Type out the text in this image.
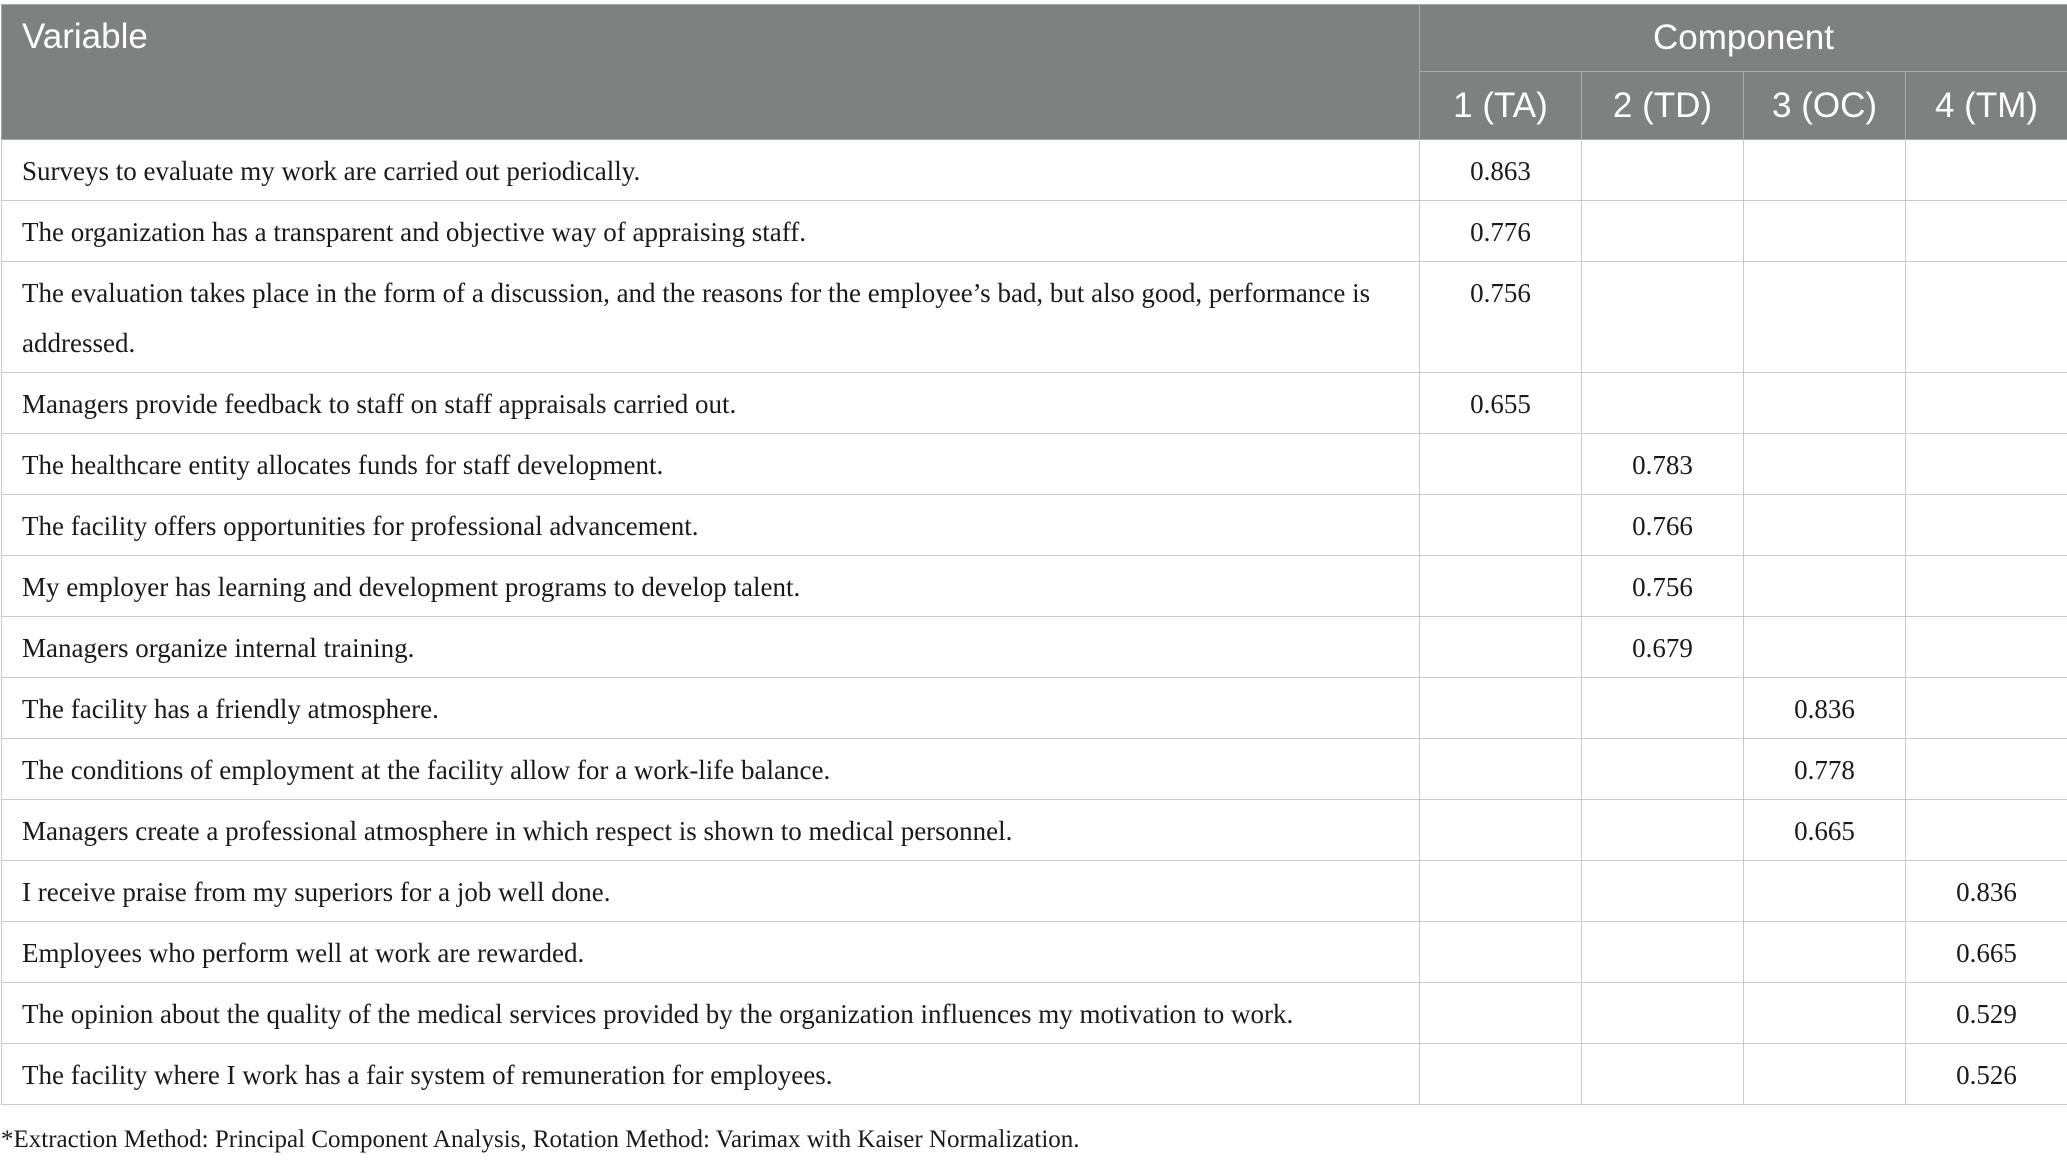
Variable	Component			
	1 (TA)	2 (TD)	3 (OC)	4 (TM)
Surveys to evaluate my work are carried out periodically.	0.863			
The organization has a transparent and objective way of appraising staff.	0.776			
The evaluation takes place in the form of a discussion, and the reasons for the employee’s bad, but also good, performance is addressed.	0.756			
Managers provide feedback to staff on staff appraisals carried out.	0.655			
The healthcare entity allocates funds for staff development.		0.783		
The facility offers opportunities for professional advancement.		0.766		
My employer has learning and development programs to develop talent.		0.756		
Managers organize internal training.		0.679		
The facility has a friendly atmosphere.			0.836	
The conditions of employment at the facility allow for a work-life balance.			0.778	
Managers create a professional atmosphere in which respect is shown to medical personnel.			0.665	
I receive praise from my superiors for a job well done.				0.836
Employees who perform well at work are rewarded.				0.665
The opinion about the quality of the medical services provided by the organization influences my motivation to work.				0.529
The facility where I work has a fair system of remuneration for employees.				0.526
*Extraction Method: Principal Component Analysis, Rotation Method: Varimax with Kaiser Normalization.
